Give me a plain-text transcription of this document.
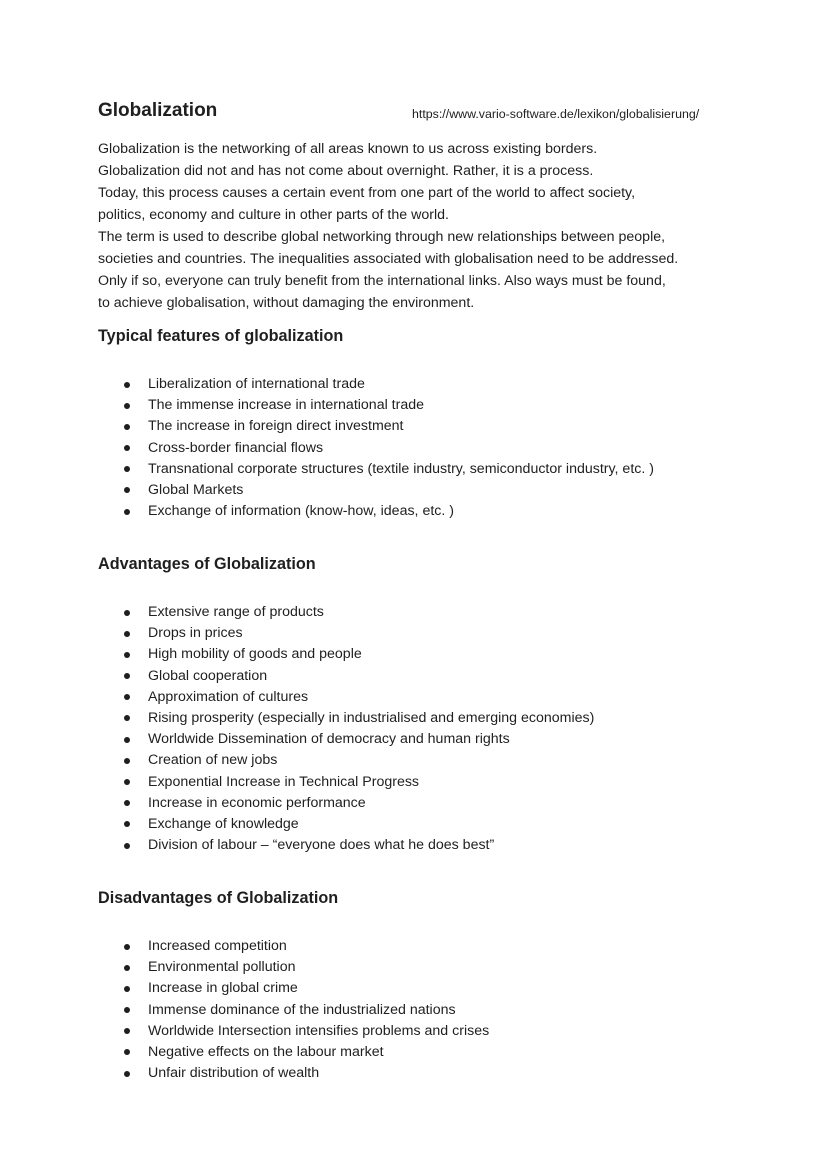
Globalization	https://www.vario-software.de/lexikon/globalisierung/

Globalization is the networking of all areas known to us across existing borders.

Globalization did not and has not come about overnight. Rather, it is a process.

Today, this process causes a certain event from one part of the world to affect society,

politics, economy and culture in other parts of the world.

The term is used to describe global networking through new relationships between people,

societies and countries. The inequalities associated with globalisation need to be addressed.

Only if so, everyone can truly benefit from the international links. Also ways must be found,

to achieve globalisation, without damaging the environment.

Typical features of globalization
Liberalization of international trade
The immense increase in international trade
The increase in foreign direct investment
Cross-border financial flows
Transnational corporate structures (textile industry, semiconductor industry, etc. )
Global Markets
Exchange of information (know-how, ideas, etc. )
Advantages of Globalization
Extensive range of products
Drops in prices
High mobility of goods and people
Global cooperation
Approximation of cultures
Rising prosperity (especially in industrialised and emerging economies)
Worldwide Dissemination of democracy and human rights
Creation of new jobs
Exponential Increase in Technical Progress
Increase in economic performance
Exchange of knowledge
Division of labour – “everyone does what he does best”
Disadvantages of Globalization
Increased competition
Environmental pollution
Increase in global crime
Immense dominance of the industrialized nations
Worldwide Intersection intensifies problems and crises
Negative effects on the labour market
Unfair distribution of wealth
